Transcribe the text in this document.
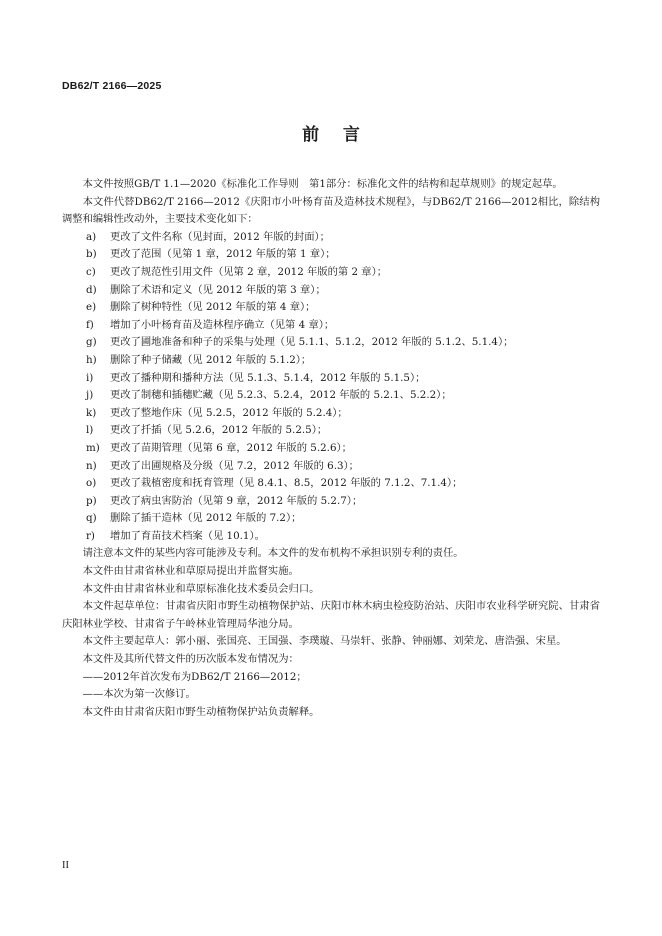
DB62/T 2166—2025
前    言
本文件按照GB/T 1.1—2020《标准化工作导则　第1部分：标准化文件的结构和起草规则》的规定起草。
本文件代替DB62/T 2166—2012《庆阳市小叶杨育苗及造林技术规程》，与DB62/T 2166—2012相比，除结构调整和编辑性改动外，主要技术变化如下：
a)	更改了文件名称（见封面，2012 年版的封面）；
b)	更改了范围（见第 1 章，2012 年版的第 1 章）；
c)	更改了规范性引用文件（见第 2 章，2012 年版的第 2 章）；
d)	删除了术语和定义（见 2012 年版的第 3 章）；
e)	删除了树种特性（见 2012 年版的第 4 章）；
f)	增加了小叶杨育苗及造林程序确立（见第 4 章）；
g)	更改了圃地准备和种子的采集与处理（见 5.1.1、5.1.2，2012 年版的 5.1.2、5.1.4）；
h)	删除了种子储藏（见 2012 年版的 5.1.2）；
i)	更改了播种期和播种方法（见 5.1.3、5.1.4，2012 年版的 5.1.5）；
j)	更改了制穗和插穗贮藏（见 5.2.3、5.2.4，2012 年版的 5.2.1、5.2.2）；
k)	更改了整地作床（见 5.2.5，2012 年版的 5.2.4）；
l)	更改了扦插（见 5.2.6，2012 年版的 5.2.5）；
m) 更改了苗期管理（见第 6 章，2012 年版的 5.2.6）；
n)	更改了出圃规格及分级（见 7.2，2012 年版的 6.3）；
o)	更改了栽植密度和抚育管理（见 8.4.1、8.5，2012 年版的 7.1.2、7.1.4）；
p)	更改了病虫害防治（见第 9 章，2012 年版的 5.2.7）；
q)	删除了插干造林（见 2012 年版的 7.2）；
r)	增加了育苗技术档案（见 10.1）。
请注意本文件的某些内容可能涉及专利。本文件的发布机构不承担识别专利的责任。
本文件由甘肃省林业和草原局提出并监督实施。
本文件由甘肃省林业和草原标准化技术委员会归口。
本文件起草单位：甘肃省庆阳市野生动植物保护站、庆阳市林木病虫检疫防治站、庆阳市农业科学研究院、甘肃省庆阳林业学校、甘肃省子午岭林业管理局华池分局。
本文件主要起草人：郭小丽、张国亮、王国强、李璞璇、马崇轩、张静、钟丽娜、刘荣龙、唐浩强、宋星。
本文件及其所代替文件的历次版本发布情况为：
——2012年首次发布为DB62/T 2166—2012；
——本次为第一次修订。
本文件由甘肃省庆阳市野生动植物保护站负责解释。
II
